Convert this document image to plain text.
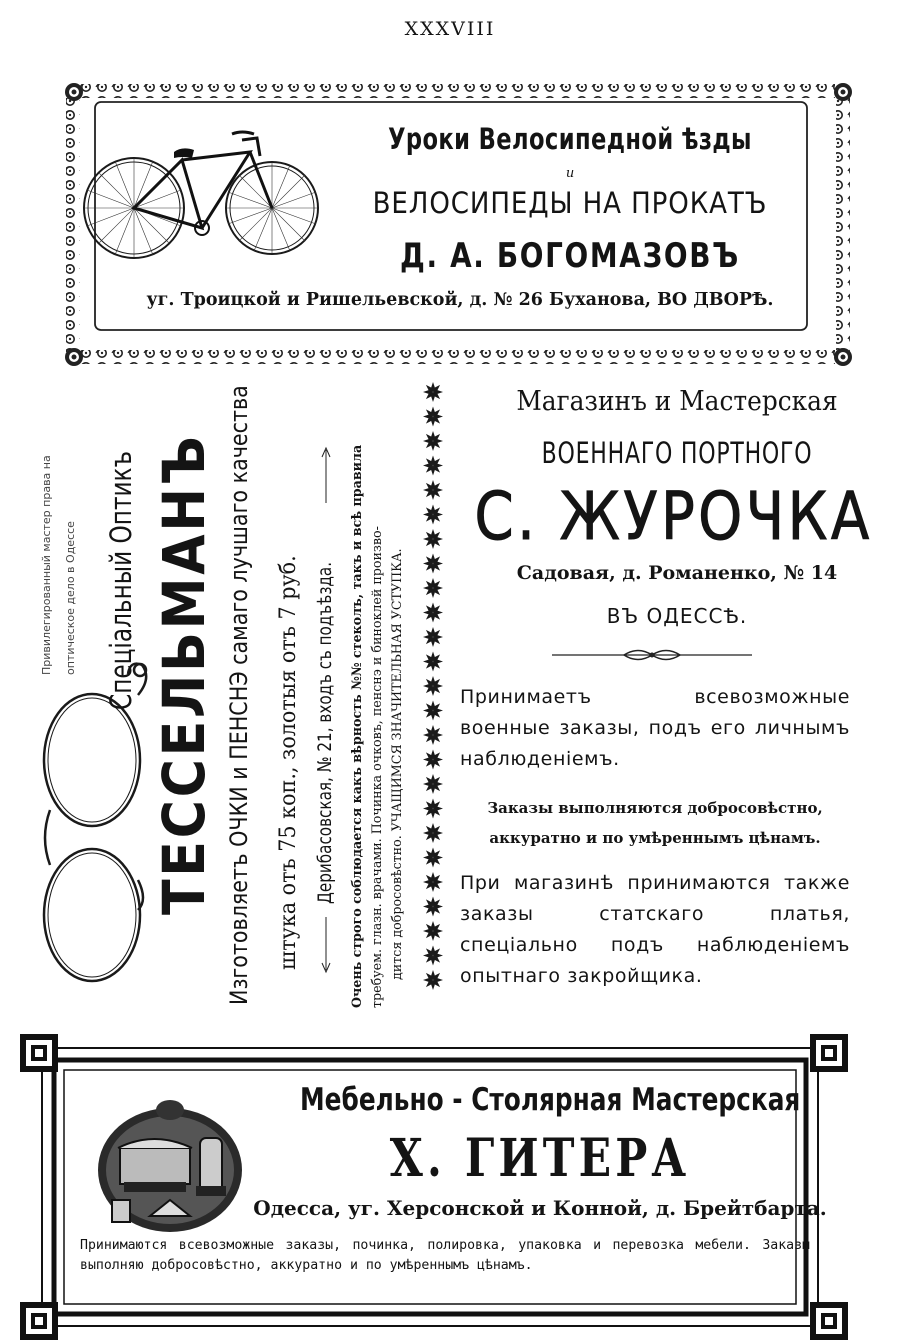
XXXVIII
Уроки Велосипедной ѣзды
и
ВЕЛОСИПЕДЫ НА ПРОКАТЪ
Д. А. БОГОМАЗОВЪ
уг. Троицкой и Ришельевской, д. № 26 Буханова, ВО ДВОРѢ.
Привилегированный мастер права на оптическое дело в Одессе Спеціальный Оптикъ ТЕССЕЛЬМАНЪ Изготовляетъ ОЧКИ и ПЕНСНЭ самаго лучшаго качества штука отъ 75 коп., золотыя отъ 7 руб. Дерибасовская, № 21, входъ съ подъѣзда. Очень строго соблюдается какъ вѣрность №№ стеколъ, такъ и всѣ правила требуем. глазн. врачами. Починка очковъ, пенснэ и биноклей произво- дится добросовѣстно. УЧАЩИМСЯ ЗНАЧИТЕЛЬНАЯ УСТУПКА.
Магазинъ и Мастерская
ВОЕННАГО ПОРТНОГО
С. ЖУРОЧКА
Садовая, д. Романенко, № 14
ВЪ ОДЕССѢ.
Принимаетъ всевозможные военные заказы, подъ его личнымъ наблюденіемъ.
Заказы выполняются добросовѣстно, аккуратно и по умѣреннымъ цѣнамъ.
При магазинѣ принимаются также заказы статскаго платья, спеціально подъ наблюденіемъ опытнаго закройщика.
Мебельно - Столярная Мастерская
Х. ГИТЕРА
Одесса, уг. Херсонской и Конной, д. Брейтбарта.
Принимаются всевозможные заказы, починка, полировка, упаковка и перевозка мебели. Заказы выполняю добросовѣстно, аккуратно и по умѣреннымъ цѣнамъ.
